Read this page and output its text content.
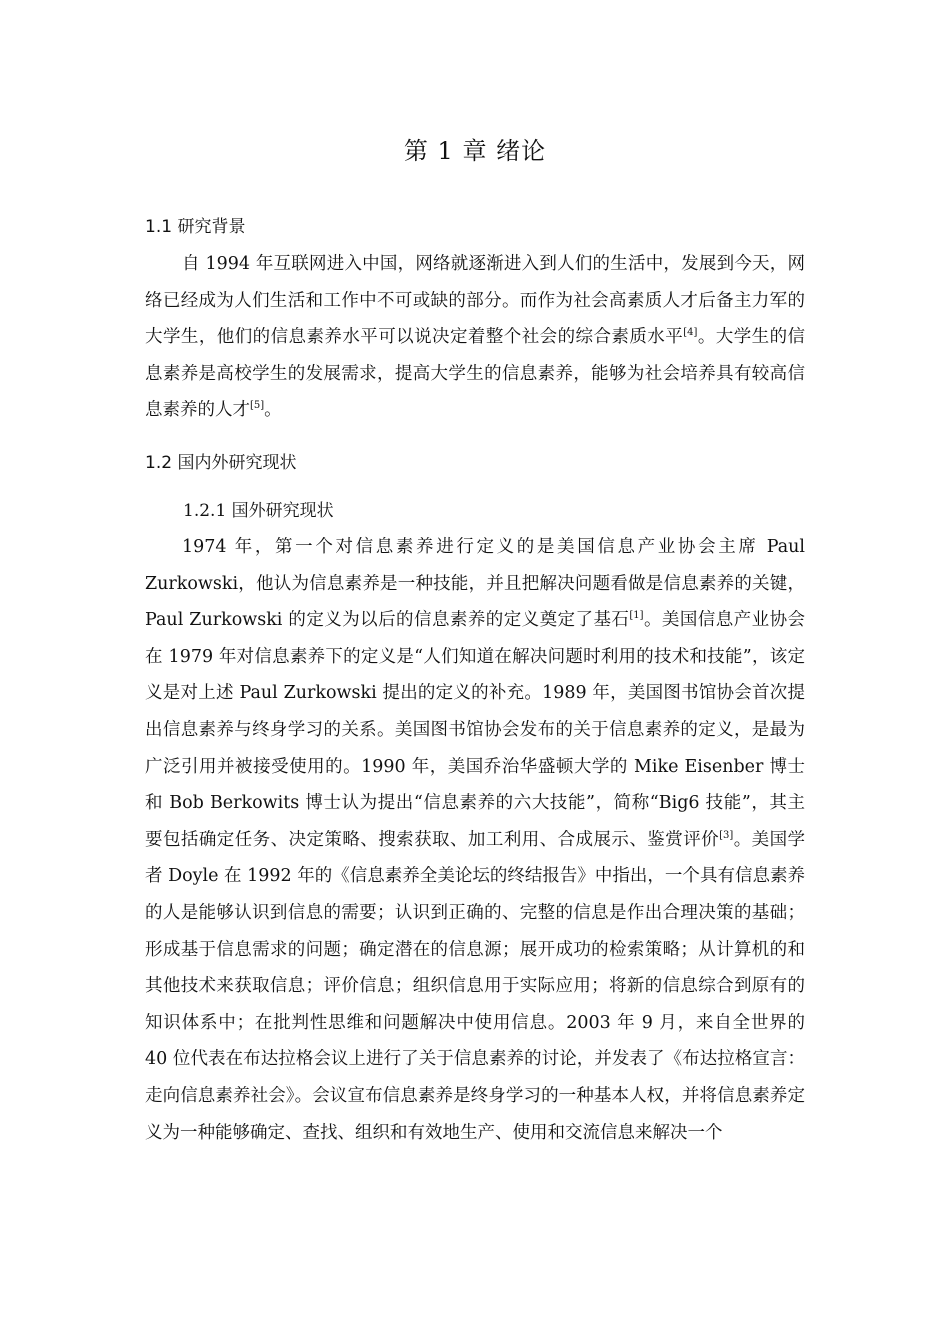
第 1 章 绪论
1.1 研究背景

自 1994 年互联网进入中国，网络就逐渐进入到人们的生活中，发展到今天，网络已经成为人们生活和工作中不可或缺的部分。而作为社会高素质人才后备主力军的大学生，他们的信息素养水平可以说决定着整个社会的综合素质水平[4]。大学生的信息素养是高校学生的发展需求，提高大学生的信息素养，能够为社会培养具有较高信息素养的人才[5]。

1.2 国内外研究现状
1.2.1 国外研究现状

1974 年，第一个对信息素养进行定义的是美国信息产业协会主席 Paul Zurkowski，他认为信息素养是一种技能，并且把解决问题看做是信息素养的关键，Paul Zurkowski 的定义为以后的信息素养的定义奠定了基石[1]。美国信息产业协会在 1979 年对信息素养下的定义是“人们知道在解决问题时利用的技术和技能”，该定义是对上述 Paul Zurkowski 提出的定义的补充。1989 年，美国图书馆协会首次提出信息素养与终身学习的关系。美国图书馆协会发布的关于信息素养的定义，是最为广泛引用并被接受使用的。1990 年，美国乔治华盛顿大学的 Mike Eisenber 博士和 Bob Berkowits 博士认为提出“信息素养的六大技能”，简称“Big6 技能”，其主要包括确定任务、决定策略、搜索获取、加工利用、合成展示、鉴赏评价[3]。美国学者 Doyle 在 1992 年的《信息素养全美论坛的终结报告》中指出，一个具有信息素养的人是能够认识到信息的需要；认识到正确的、完整的信息是作出合理决策的基础；形成基于信息需求的问题；确定潜在的信息源；展开成功的检索策略；从计算机的和其他技术来获取信息；评价信息；组织信息用于实际应用；将新的信息综合到原有的知识体系中；在批判性思维和问题解决中使用信息。2003 年 9 月，来自全世界的 40 位代表在布达拉格会议上进行了关于信息素养的讨论，并发表了《布达拉格宣言：走向信息素养社会》。会议宣布信息素养是终身学习的一种基本人权，并将信息素养定义为一种能够确定、查找、组织和有效地生产、使用和交流信息来解决一个
